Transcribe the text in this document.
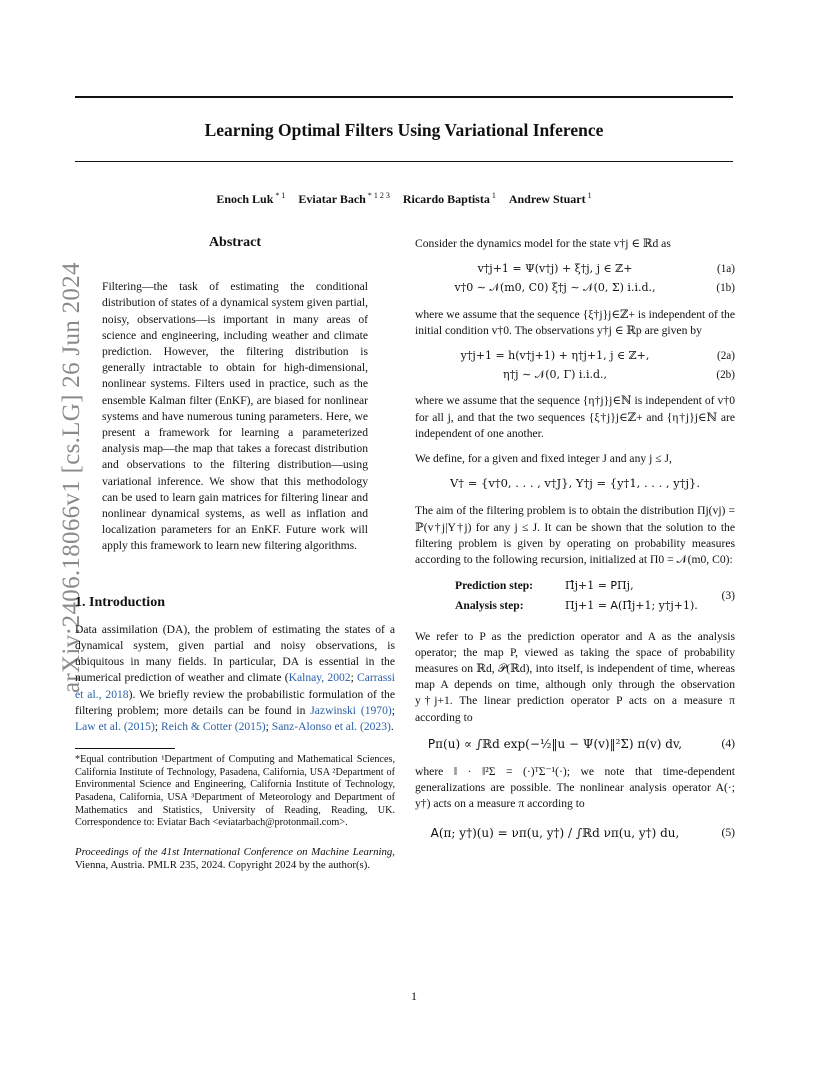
Learning Optimal Filters Using Variational Inference
Enoch Luk $^{* 1}$ Eviatar Bach $^{* 1 2 3}$ Ricardo Baptista $^1$ Andrew Stuart $^1$
arXiv:2406.18066v1 [cs.LG] 26 Jun 2024
Abstract

Filtering—the task of estimating the conditional distribution of states of a dynamical system given partial, noisy, observations—is important in many areas of science and engineering, including weather and climate prediction. However, the filtering distribution is generally intractable to obtain for high-dimensional, nonlinear systems. Filters used in practice, such as the ensemble Kalman filter (EnKF), are biased for nonlinear systems and have numerous tuning parameters. Here, we present a framework for learning a parameterized analysis map—the map that takes a forecast distribution and observations to the filtering distribution—using variational inference. We show that this methodology can be used to learn gain matrices for filtering linear and nonlinear dynamical systems, as well as inflation and localization parameters for an EnKF. Future work will apply this framework to learn new filtering algorithms.

1. Introduction

Data assimilation (DA), the problem of estimating the states of a dynamical system, given partial and noisy observations, is ubiquitous in many fields. In particular, DA is essential in the numerical prediction of weather and climate (Kalnay, 2002; Carrassi et al., 2018). We briefly review the probabilistic formulation of the filtering problem; more details can be found in Jazwinski (1970); Law et al. (2015); Reich & Cotter (2015); Sanz-Alonso et al. (2023).

*Equal contribution ¹Department of Computing and Mathematical Sciences, California Institute of Technology, Pasadena, California, USA ²Department of Environmental Science and Engineering, California Institute of Technology, Pasadena, California, USA ³Department of Meteorology and Department of Mathematics and Statistics, University of Reading, Reading, UK. Correspondence to: Eviatar Bach <eviatarbach@protonmail.com>.

Proceedings of the 41st International Conference on Machine Learning, Vienna, Austria. PMLR 235, 2024. Copyright 2024 by the author(s).

Consider the dynamics model for the state v†j ∈ ℝd as

v†j+1 = Ψ(v†j) + ξ†j, j ∈ ℤ+	(1a)
v†0 ∼ 𝒩(m0, C0) ξ†j ∼ 𝒩(0, Σ) i.i.d.,	(1b)

where we assume that the sequence {ξ†j}j∈ℤ+ is independent of the initial condition v†0. The observations y†j ∈ ℝp are given by

y†j+1 = h(v†j+1) + η†j+1, j ∈ ℤ+,	(2a)
η†j ∼ 𝒩(0, Γ) i.i.d.,	(2b)

where we assume that the sequence {η†j}j∈ℕ is independent of v†0 for all j, and that the two sequences {ξ†j}j∈ℤ+ and {η†j}j∈ℕ are independent of one another.

We define, for a given and fixed integer J and any j ≤ J,

V† = {v†0, . . . , v†J}, Y†j = {y†1, . . . , y†j}.

The aim of the filtering problem is to obtain the distribution Πj(vj) = ℙ(v†j|Y†j) for any j ≤ J. It can be shown that the solution to the filtering problem is given by operating on probability measures according to the following recursion, initialized at Π0 = 𝒩(m0, C0):

Prediction step:	Π̂j+1 = 𝖯Πj,
(3)
Analysis step:	Πj+1 = 𝖠(Π̂j+1; y†j+1).

We refer to P as the prediction operator and A as the analysis operator; the map P, viewed as taking the space of probability measures on ℝd, 𝒫(ℝd), into itself, is independent of time, whereas map A depends on time, although only through the observation y†j+1. The linear prediction operator P acts on a measure π according to

𝖯π(u) ∝ ∫ℝd exp(−½‖u − Ψ(v)‖²Σ) π(v) dv,	(4)

where ‖ · ‖²Σ = (·)ᵀΣ⁻¹(·); we note that time-dependent generalizations are possible. The nonlinear analysis operator A(·; y†) acts on a measure π according to

𝖠(π; y†)(u) = νπ(u, y†) / ∫ℝd νπ(u, y†) du,	(5)
1
